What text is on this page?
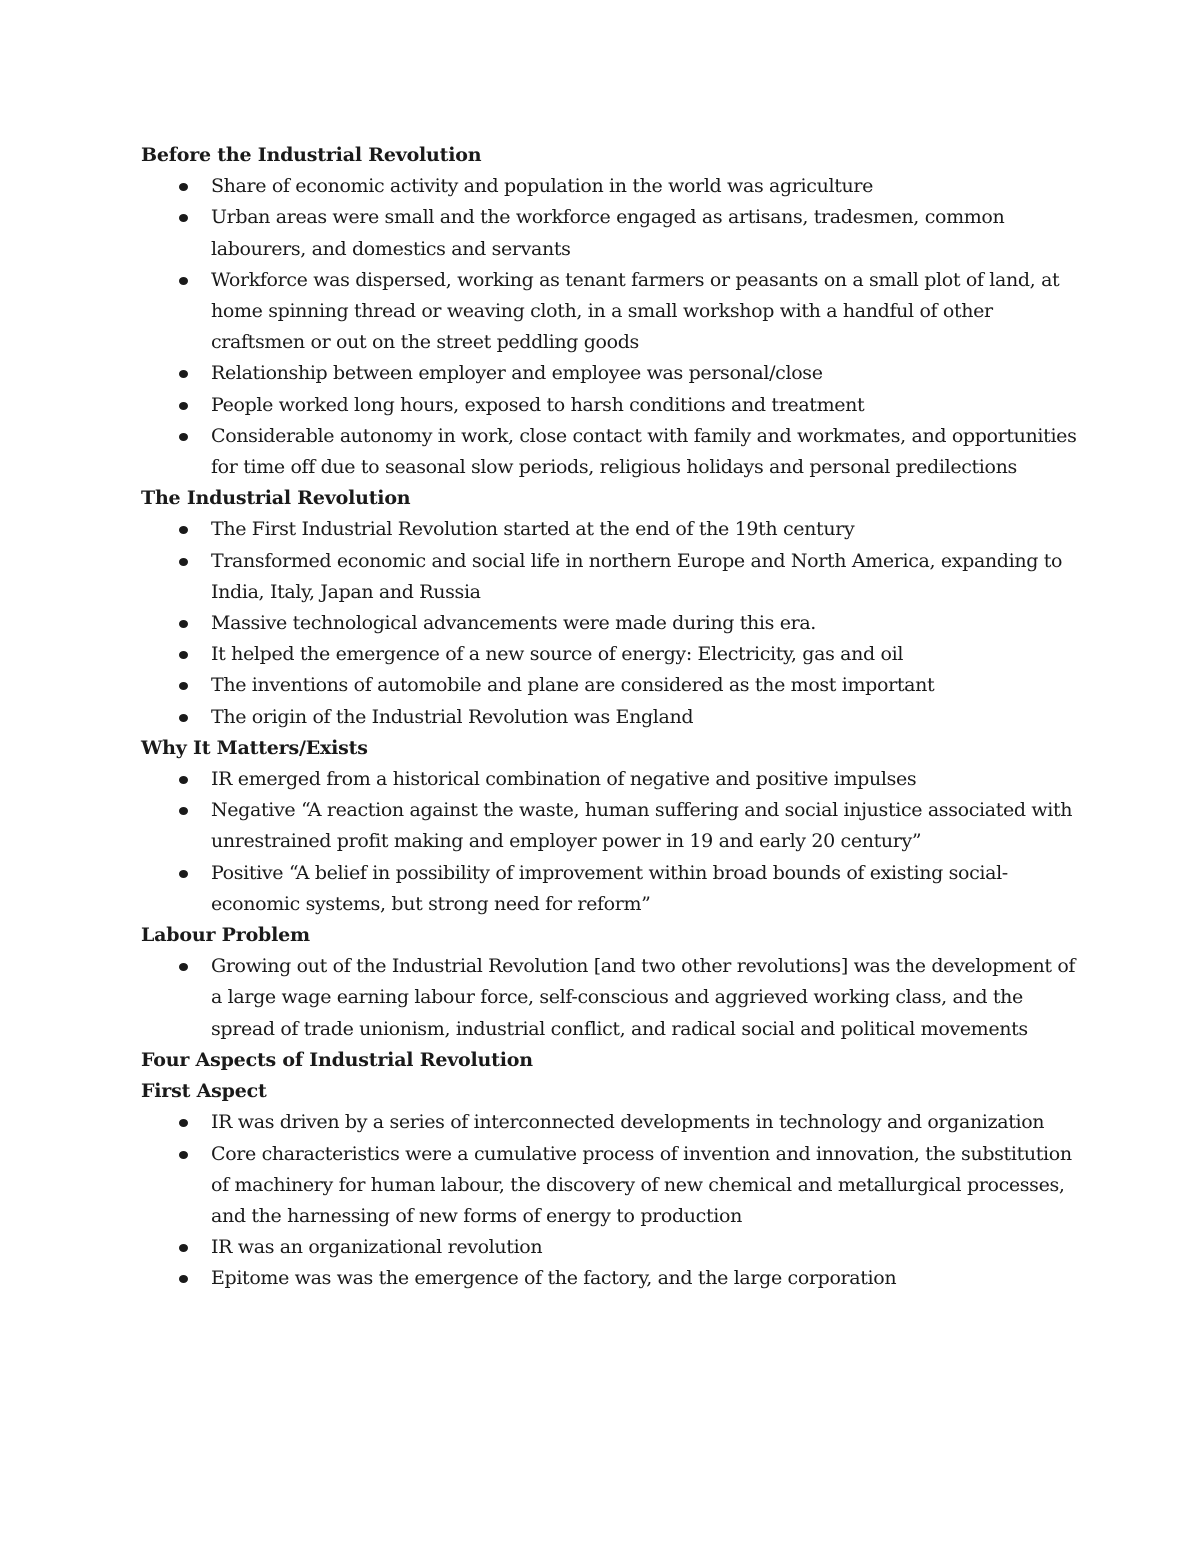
Before the Industrial Revolution
Share of economic activity and population in the world was agriculture
Urban areas were small and the workforce engaged as artisans, tradesmen, common labourers, and domestics and servants
Workforce was dispersed, working as tenant farmers or peasants on a small plot of land, at home spinning thread or weaving cloth, in a small workshop with a handful of other craftsmen or out on the street peddling goods
Relationship between employer and employee was personal/close
People worked long hours, exposed to harsh conditions and treatment
Considerable autonomy in work, close contact with family and workmates, and opportunities for time off due to seasonal slow periods, religious holidays and personal predilections
The Industrial Revolution
The First Industrial Revolution started at the end of the 19th century
Transformed economic and social life in northern Europe and North America, expanding to India, Italy, Japan and Russia
Massive technological advancements were made during this era.
It helped the emergence of a new source of energy: Electricity, gas and oil
The inventions of automobile and plane are considered as the most important
The origin of the Industrial Revolution was England
Why It Matters/Exists
IR emerged from a historical combination of negative and positive impulses
Negative “A reaction against the waste, human suffering and social injustice associated with unrestrained profit making and employer power in 19 and early 20 century”
Positive “A belief in possibility of improvement within broad bounds of existing social-economic systems, but strong need for reform”
Labour Problem
Growing out of the Industrial Revolution [and two other revolutions] was the development of a large wage earning labour force, self-conscious and aggrieved working class, and the spread of trade unionism, industrial conflict, and radical social and political movements
Four Aspects of Industrial Revolution
First Aspect
IR was driven by a series of interconnected developments in technology and organization
Core characteristics were a cumulative process of invention and innovation, the substitution of machinery for human labour, the discovery of new chemical and metallurgical processes, and the harnessing of new forms of energy to production
IR was an organizational revolution
Epitome was was the emergence of the factory, and the large corporation
